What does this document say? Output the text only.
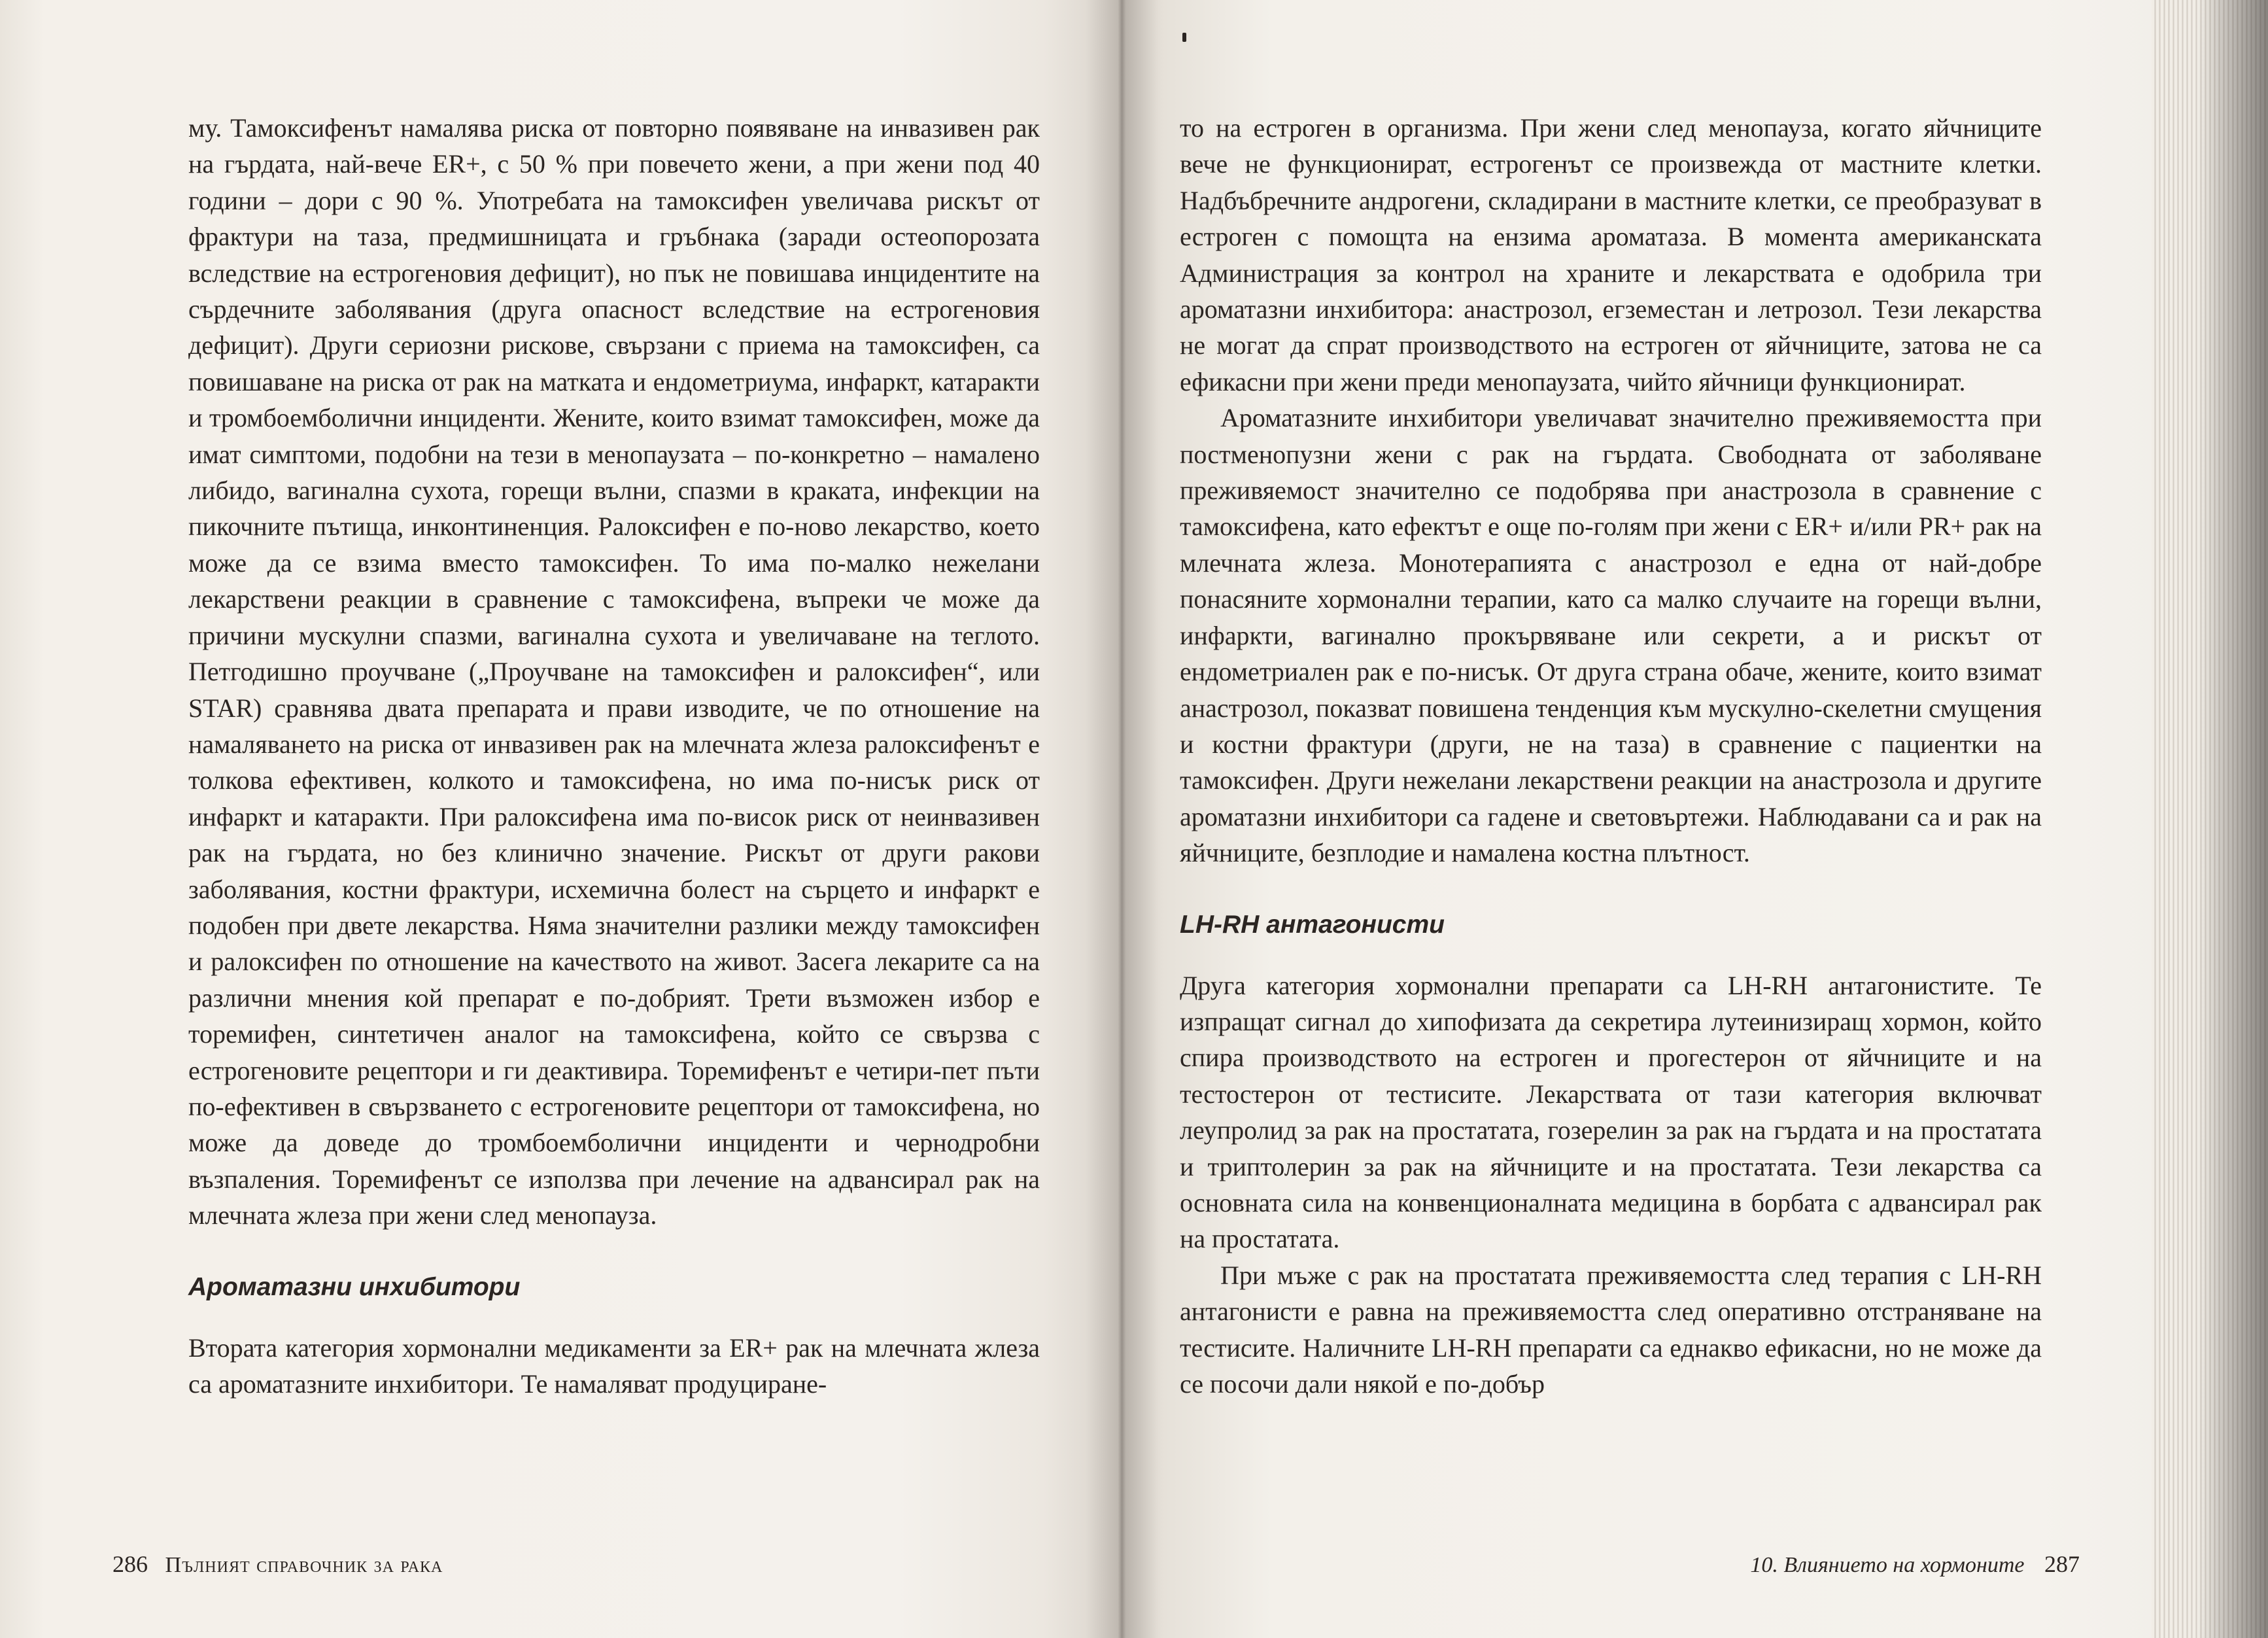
му. Тамоксифенът намалява риска от повторно появяване на инвазивен рак на гърдата, най-вече ER+, с 50 % при повечето жени, а при жени под 40 години – дори с 90 %. Употребата на тамоксифен увеличава рискът от фрактури на таза, предмишницата и гръбнака (заради остеопорозата вследствие на естрогеновия дефицит), но пък не повишава инцидентите на сърдечните заболявания (друга опасност вследствие на естрогеновия дефицит). Други сериозни рискове, свързани с приема на тамоксифен, са повишаване на риска от рак на матката и ендометриума, инфаркт, катаракти и тромбоемболични инциденти. Жените, които взимат тамоксифен, може да имат симптоми, подобни на тези в менопаузата – по-конкретно – намалено либидо, вагинална сухота, горещи вълни, спазми в краката, инфекции на пикочните пътища, инконтиненция. Ралоксифен е по-ново лекарство, което може да се взима вместо тамоксифен. То има по-малко нежелани лекарствени реакции в сравнение с тамоксифена, въпреки че може да причини мускулни спазми, вагинална сухота и увеличаване на теглото. Петгодишно проучване („Проучване на тамоксифен и ралоксифен“, или STAR) сравнява двата препарата и прави изводите, че по отношение на намаляването на риска от инвазивен рак на млечната жлеза ралоксифенът е толкова ефективен, колкото и тамоксифена, но има по-нисък риск от инфаркт и катаракти. При ралоксифена има по-висок риск от неинвазивен рак на гърдата, но без клинично значение. Рискът от други ракови заболявания, костни фрактури, исхемична болест на сърцето и инфаркт е подобен при двете лекарства. Няма значителни разлики между тамоксифен и ралоксифен по отношение на качеството на живот. Засега лекарите са на различни мнения кой препарат е по-добрият. Трети възможен избор е торемифен, синтетичен аналог на тамоксифена, който се свързва с естрогеновите рецептори и ги деактивира. Торемифенът е четири-пет пъти по-ефективен в свързването с естрогеновите рецептори от тамоксифена, но може да доведе до тромбоемболични инциденти и чернодробни възпаления. Торемифенът се използва при лечение на адвансирал рак на млечната жлеза при жени след менопауза.

Ароматазни инхибитори

Втората категория хормонални медикаменти за ER+ рак на млечната жлеза са ароматазните инхибитори. Те намаляват продуциране-

286 Пълният справочник за рака

то на естроген в организма. При жени след менопауза, когато яйчниците вече не функционират, естрогенът се произвежда от мастните клетки. Надбъбречните андрогени, складирани в мастните клетки, се преобразуват в естроген с помощта на ензима ароматаза. В момента американската Администрация за контрол на храните и лекарствата е одобрила три ароматазни инхибитора: анастрозол, егземестан и летрозол. Тези лекарства не могат да спрат производството на естроген от яйчниците, затова не са ефикасни при жени преди менопаузата, чийто яйчници функционират.

Ароматазните инхибитори увеличават значително преживяемостта при постменопузни жени с рак на гърдата. Свободната от заболяване преживяемост значително се подобрява при анастрозола в сравнение с тамоксифена, като ефектът е още по-голям при жени с ER+ и/или PR+ рак на млечната жлеза. Монотерапията с анастрозол е една от най-добре понасяните хормонални терапии, като са малко случаите на горещи вълни, инфаркти, вагинално прокървяване или секрети, а и рискът от ендометриален рак е по-нисък. От друга страна обаче, жените, които взимат анастрозол, показват повишена тенденция към мускулно-скелетни смущения и костни фрактури (други, не на таза) в сравнение с пациентки на тамоксифен. Други нежелани лекарствени реакции на анастрозола и другите ароматазни инхибитори са гадене и световъртежи. Наблюдавани са и рак на яйчниците, безплодие и намалена костна плътност.

LH-RH антагонисти

Друга категория хормонални препарати са LH-RH антагонистите. Те изпращат сигнал до хипофизата да секретира лутеинизиращ хормон, който спира производството на естроген и прогестерон от яйчниците и на тестостерон от тестисите. Лекарствата от тази категория включват леупролид за рак на простатата, гозерелин за рак на гърдата и на простатата и триптолерин за рак на яйчниците и на простатата. Тези лекарства са основната сила на конвенционалната медицина в борбата с адвансирал рак на простатата.

При мъже с рак на простатата преживяемостта след терапия с LH-RH антагонисти е равна на преживяемостта след оперативно отстраняване на тестисите. Наличните LH-RH препарати са еднакво ефикасни, но не може да се посочи дали някой е по-добър

10. Влиянието на хормоните 287
